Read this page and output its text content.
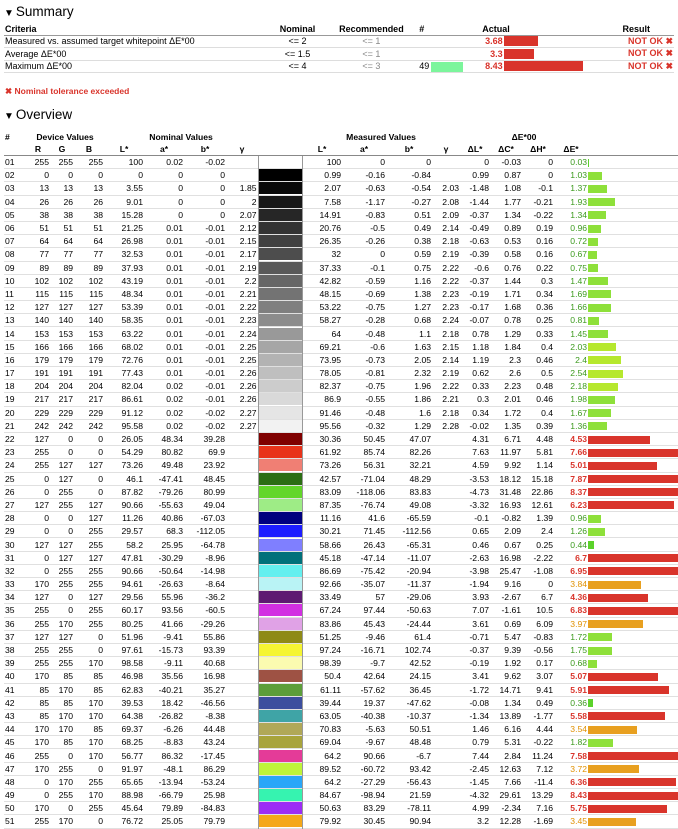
▼ Summary
Criteria	Nominal	Recommended	#	Actual		Result
Measured vs. assumed target whitepoint ΔE*00	<= 2	<= 1		3.68		NOT OK ✖
Average ΔE*00	<= 1.5	<= 1		3.3		NOT OK ✖
Maximum ΔE*00	<= 4	<= 3	49	8.43		NOT OK ✖
✖ Nominal tolerance exceeded
▼ Overview
#	Device Values			Nominal Values					Measured Values				ΔE*00				
	R	G	B	L*	a*	b*	γ		L*	a*	b*	γ	ΔL*	ΔC*	ΔH*	ΔE*	
01	255	255	255	100	0.02	-0.02			100	0	0		0	-0.03	0	0.03	

02	0	0	0	0	0	0			0.99	-0.16	-0.84		0.99	0.87	0	1.03	

03	13	13	13	3.55	0	0	1.85		2.07	-0.63	-0.54	2.03	-1.48	1.08	-0.1	1.37	

04	26	26	26	9.01	0	0	2		7.58	-1.17	-0.27	2.08	-1.44	1.77	-0.21	1.93	

05	38	38	38	15.28	0	0	2.07		14.91	-0.83	0.51	2.09	-0.37	1.34	-0.22	1.34	

06	51	51	51	21.25	0.01	-0.01	2.12		20.76	-0.5	0.49	2.14	-0.49	0.89	0.19	0.96	

07	64	64	64	26.98	0.01	-0.01	2.15		26.35	-0.26	0.38	2.18	-0.63	0.53	0.16	0.72	

08	77	77	77	32.53	0.01	-0.01	2.17		32	0	0.59	2.19	-0.39	0.58	0.16	0.67	

09	89	89	89	37.93	0.01	-0.01	2.19		37.33	-0.1	0.75	2.22	-0.6	0.76	0.22	0.75	

10	102	102	102	43.19	0.01	-0.01	2.2		42.82	-0.59	1.16	2.22	-0.37	1.44	0.3	1.47	

11	115	115	115	48.34	0.01	-0.01	2.21		48.15	-0.69	1.38	2.23	-0.19	1.71	0.34	1.69	

12	127	127	127	53.39	0.01	-0.01	2.22		53.22	-0.75	1.27	2.23	-0.17	1.68	0.36	1.66	

13	140	140	140	58.35	0.01	-0.01	2.23		58.27	-0.28	0.68	2.24	-0.07	0.78	0.25	0.81	

14	153	153	153	63.22	0.01	-0.01	2.24		64	-0.48	1.1	2.18	0.78	1.29	0.33	1.45	

15	166	166	166	68.02	0.01	-0.01	2.25		69.21	-0.6	1.63	2.15	1.18	1.84	0.4	2.03	

16	179	179	179	72.76	0.01	-0.01	2.25		73.95	-0.73	2.05	2.14	1.19	2.3	0.46	2.4	

17	191	191	191	77.43	0.01	-0.01	2.26		78.05	-0.81	2.32	2.19	0.62	2.6	0.5	2.54	

18	204	204	204	82.04	0.02	-0.01	2.26		82.37	-0.75	1.96	2.22	0.33	2.23	0.48	2.18	

19	217	217	217	86.61	0.02	-0.01	2.26		86.9	-0.55	1.86	2.21	0.3	2.01	0.46	1.98	

20	229	229	229	91.12	0.02	-0.02	2.27		91.46	-0.48	1.6	2.18	0.34	1.72	0.4	1.67	

21	242	242	242	95.58	0.02	-0.02	2.27		95.56	-0.32	1.29	2.28	-0.02	1.35	0.39	1.36	

22	127	0	0	26.05	48.34	39.28			30.36	50.45	47.07		4.31	6.71	4.48	4.53	

23	255	0	0	54.29	80.82	69.9			61.92	85.74	82.26		7.63	11.97	5.81	7.66	

24	255	127	127	73.26	49.48	23.92			73.26	56.31	32.21		4.59	9.92	1.14	5.01	

25	0	127	0	46.1	-47.41	48.45			42.57	-71.04	48.29		-3.53	18.12	15.18	7.87	

26	0	255	0	87.82	-79.26	80.99			83.09	-118.06	83.83		-4.73	31.48	22.86	8.37	

27	127	255	127	90.66	-55.63	49.04			87.35	-76.74	49.08		-3.32	16.93	12.61	6.23	

28	0	0	127	11.26	40.86	-67.03			11.16	41.6	-65.59		-0.1	-0.82	1.39	0.96	

29	0	0	255	29.57	68.3	-112.05			30.21	71.45	-112.56		0.65	2.09	2.4	1.26	

30	127	127	255	58.2	25.95	-64.78			58.66	26.43	-65.31		0.46	0.67	0.25	0.44	

31	0	127	127	47.81	-30.29	-8.96			45.18	-47.14	-11.07		-2.63	16.98	-2.22	6.7	

32	0	255	255	90.66	-50.64	-14.98			86.69	-75.42	-20.94		-3.98	25.47	-1.08	6.95	

33	170	255	255	94.61	-26.63	-8.64			92.66	-35.07	-11.37		-1.94	9.16	0	3.84	

34	127	0	127	29.56	55.96	-36.2			33.49	57	-29.06		3.93	-2.67	6.7	4.36	

35	255	0	255	60.17	93.56	-60.5			67.24	97.44	-50.63		7.07	-1.61	10.5	6.83	

36	255	170	255	80.25	41.66	-29.26			83.86	45.43	-24.44		3.61	0.69	6.09	3.97	

37	127	127	0	51.96	-9.41	55.86			51.25	-9.46	61.4		-0.71	5.47	-0.83	1.72	

38	255	255	0	97.61	-15.73	93.39			97.24	-16.71	102.74		-0.37	9.39	-0.56	1.75	

39	255	255	170	98.58	-9.11	40.68			98.39	-9.7	42.52		-0.19	1.92	0.17	0.68	

40	170	85	85	46.98	35.56	16.98			50.4	42.64	24.15		3.41	9.62	3.07	5.07	

41	85	170	85	62.83	-40.21	35.27			61.11	-57.62	36.45		-1.72	14.71	9.41	5.91	

42	85	85	170	39.53	18.42	-46.56			39.44	19.37	-47.62		-0.08	1.34	0.49	0.36	

43	85	170	170	64.38	-26.82	-8.38			63.05	-40.38	-10.37		-1.34	13.89	-1.77	5.58	

44	170	170	85	69.37	-6.26	44.48			70.83	-5.63	50.51		1.46	6.16	4.44	3.54	

45	170	85	170	68.25	-8.83	43.24			69.04	-9.67	48.48		0.79	5.31	-0.22	1.82	

46	255	0	170	56.77	86.32	-17.45			64.2	90.66	-6.7		7.44	2.84	11.24	7.58	

47	170	255	0	91.97	-48.1	86.29			89.52	-60.72	93.42		-2.45	12.63	7.12	3.72	

48	0	170	255	65.65	-13.94	-53.24			64.2	-27.29	-56.43		-1.45	7.66	-11.4	6.36	

49	0	255	170	88.98	-66.79	25.98			84.67	-98.94	21.59		-4.32	29.61	13.29	8.43	

50	170	0	255	45.64	79.89	-84.83			50.63	83.29	-78.11		4.99	-2.34	7.16	5.75	

51	255	170	0	76.72	25.05	79.79			79.92	30.45	90.94		3.2	12.28	-1.69	3.45	
